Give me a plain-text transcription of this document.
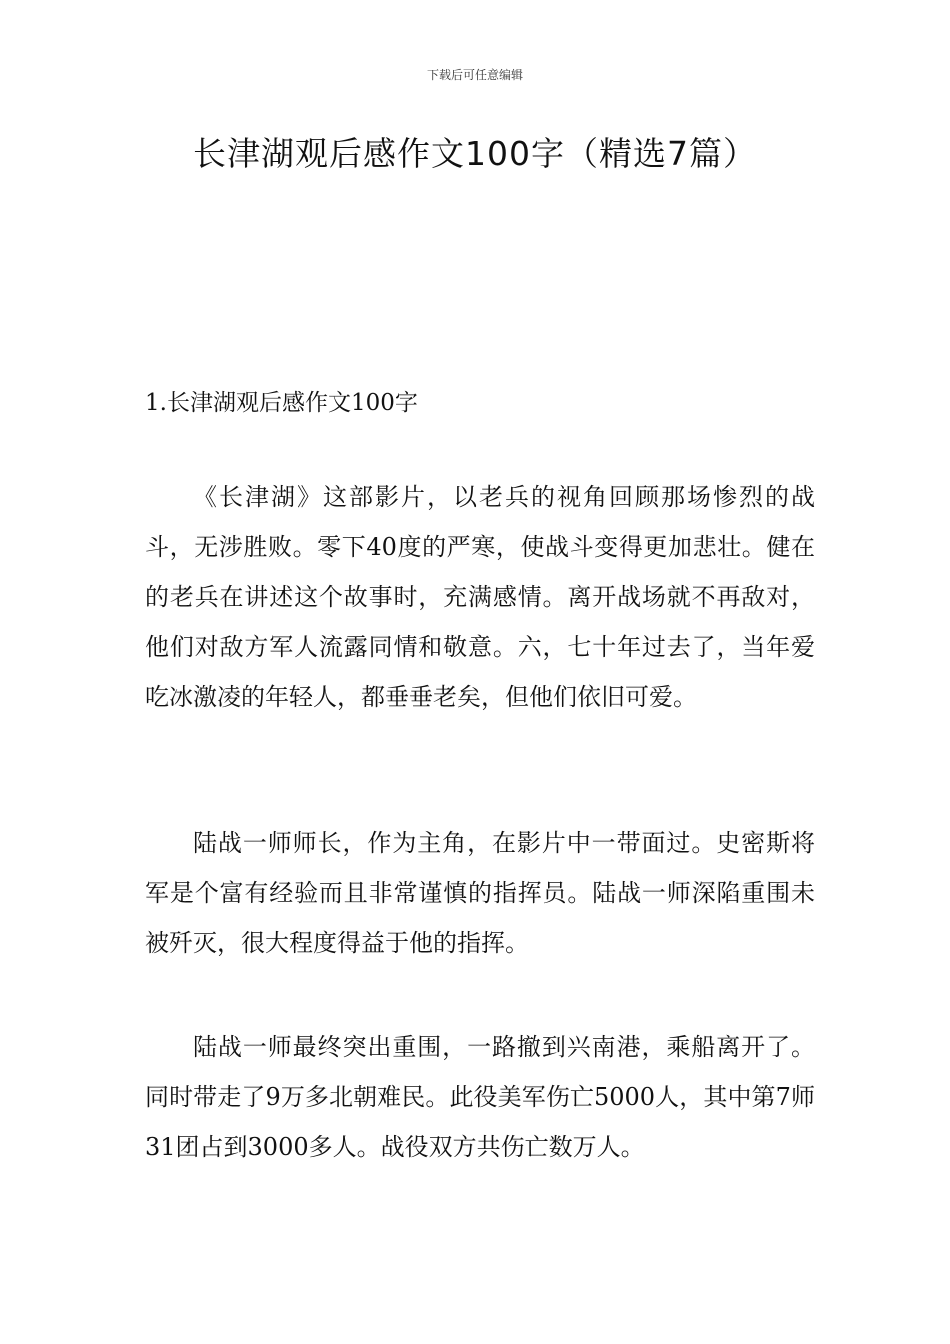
下载后可任意编辑
长津湖观后感作文100字（精选7篇）
1.长津湖观后感作文100字

《长津湖》这部影片，以老兵的视角回顾那场惨烈的战斗，无涉胜败。零下40度的严寒，使战斗变得更加悲壮。健在的老兵在讲述这个故事时，充满感情。离开战场就不再敌对，他们对敌方军人流露同情和敬意。六，七十年过去了，当年爱吃冰激凌的年轻人，都垂垂老矣，但他们依旧可爱。

陆战一师师长，作为主角，在影片中一带面过。史密斯将军是个富有经验而且非常谨慎的指挥员。陆战一师深陷重围未被歼灭，很大程度得益于他的指挥。

陆战一师最终突出重围，一路撤到兴南港，乘船离开了。同时带走了9万多北朝难民。此役美军伤亡5000人，其中第7师31团占到3000多人。战役双方共伤亡数万人。
